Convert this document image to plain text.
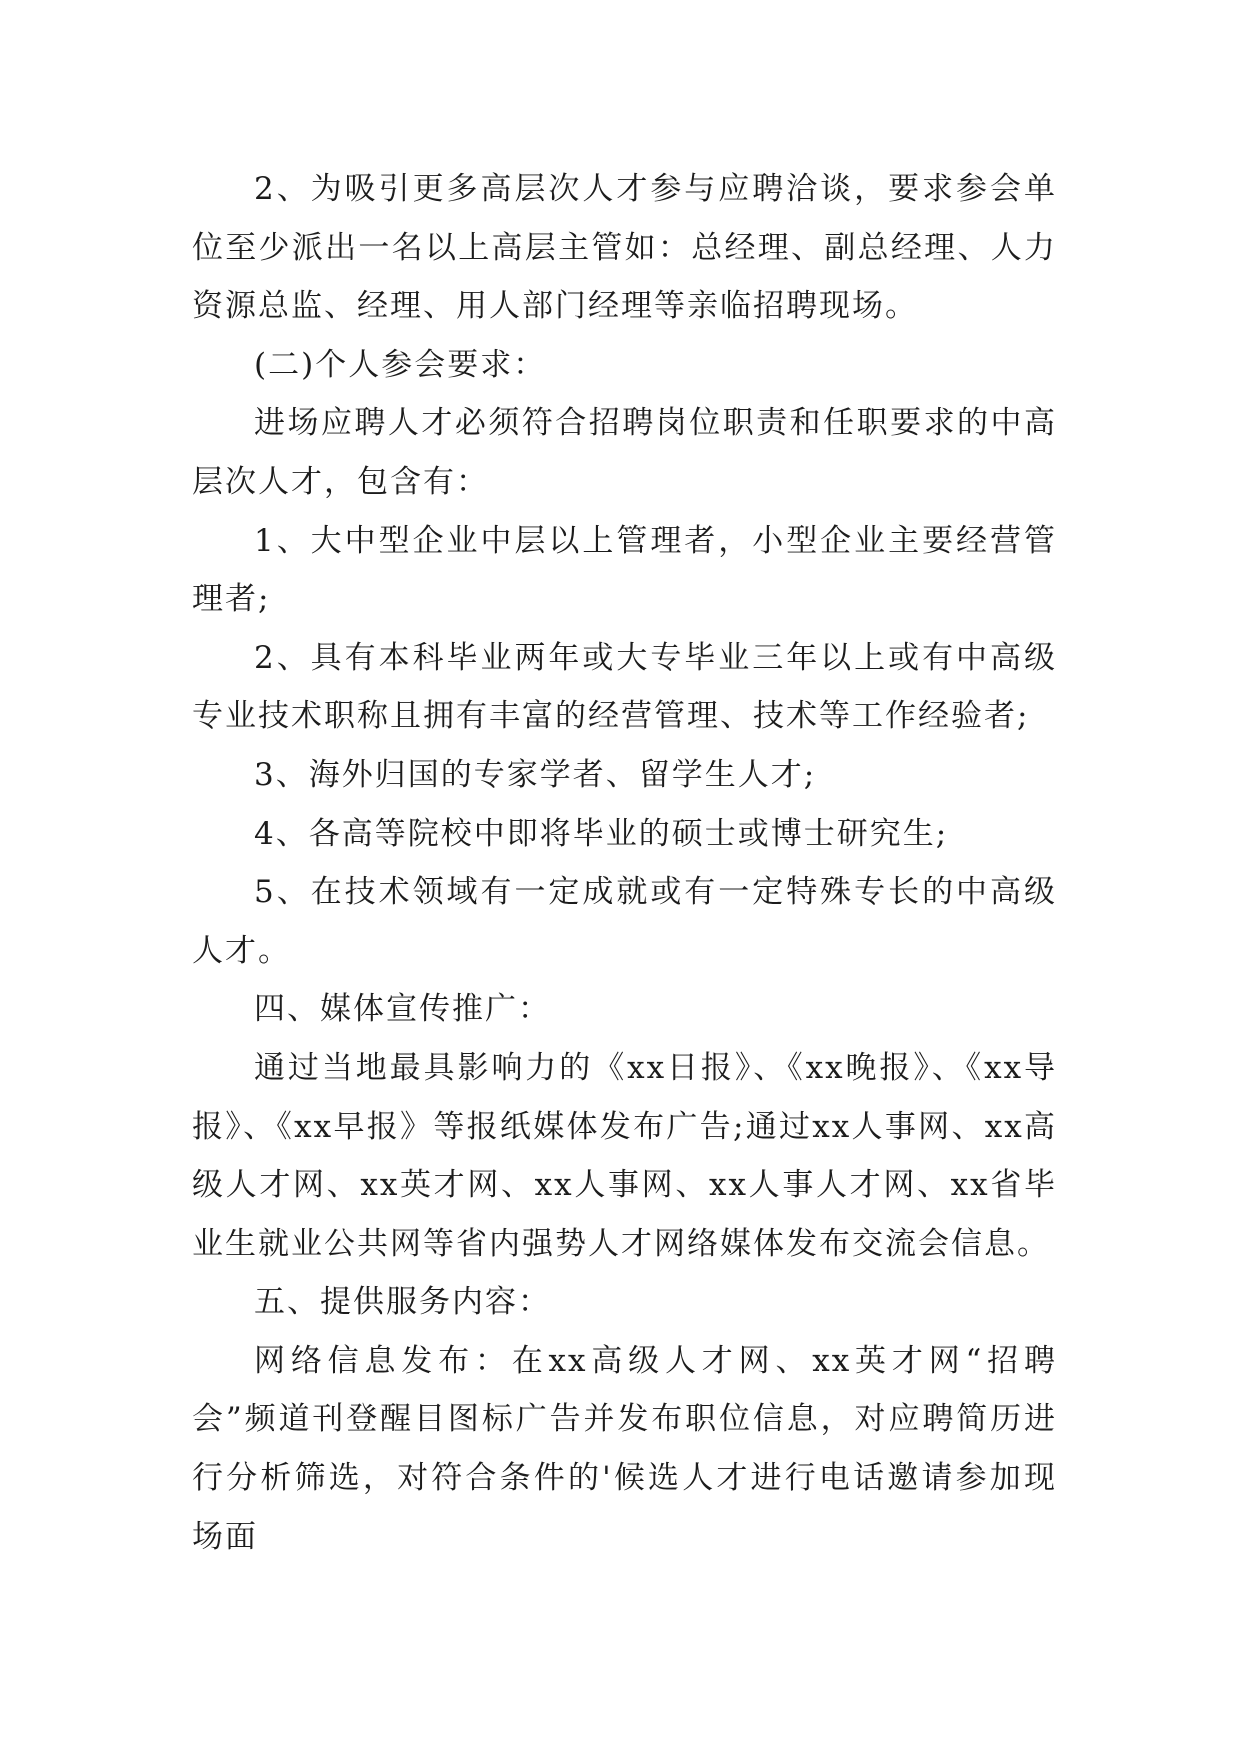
2、为吸引更多高层次人才参与应聘洽谈，要求参会单位至少派出一名以上高层主管如：总经理、副总经理、人力资源总监、经理、用人部门经理等亲临招聘现场。

(二)个人参会要求：

进场应聘人才必须符合招聘岗位职责和任职要求的中高层次人才，包含有：

1、大中型企业中层以上管理者，小型企业主要经营管理者;

2、具有本科毕业两年或大专毕业三年以上或有中高级专业技术职称且拥有丰富的经营管理、技术等工作经验者;

3、海外归国的专家学者、留学生人才;

4、各高等院校中即将毕业的硕士或博士研究生;

5、在技术领域有一定成就或有一定特殊专长的中高级人才。

四、媒体宣传推广：

通过当地最具影响力的《xx日报》、《xx晚报》、《xx导报》、《xx早报》等报纸媒体发布广告;通过xx人事网、xx高级人才网、xx英才网、xx人事网、xx人事人才网、xx省毕业生就业公共网等省内强势人才网络媒体发布交流会信息。

五、提供服务内容：

网络信息发布：在xx高级人才网、xx英才网“招聘会”频道刊登醒目图标广告并发布职位信息，对应聘简历进行分析筛选，对符合条件的'候选人才进行电话邀请参加现场面
